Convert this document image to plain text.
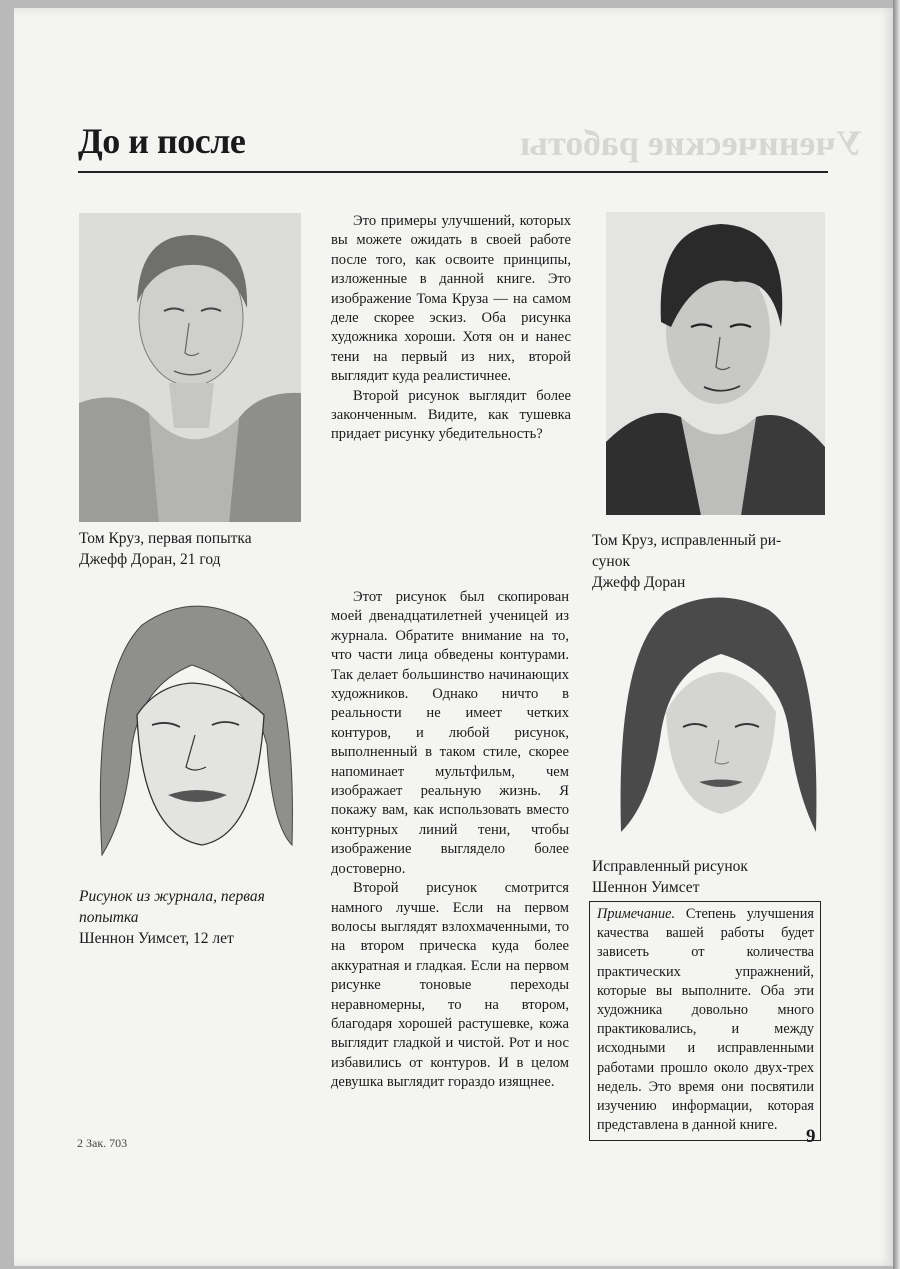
Ученические работы
До и после
Том Круз, первая попытка
Джефф Доран, 21 год

Это примеры улучшений, которых вы можете ожидать в своей работе после того, как освоите принципы, изложенные в данной книге. Это изображение Тома Круза — на самом деле скорее эскиз. Оба рисунка художника хороши. Хотя он и нанес тени на первый из них, второй выглядит куда реалистичнее.

Второй рисунок выглядит более законченным. Видите, как тушевка придает рисунку убедительность?

Том Круз, исправленный ри-
сунок
Джефф Доран
Рисунок из журнала, первая
попытка
Шеннон Уимсет, 12 лет

Этот рисунок был скопирован моей двенадцатилетней ученицей из журнала. Обратите внимание на то, что части лица обведены контурами. Так делает большинство начинающих художников. Однако ничто в реальности не имеет четких контуров, и любой рисунок, выполненный в таком стиле, скорее напоминает мультфильм, чем изображает реальную жизнь. Я покажу вам, как использовать вместо контурных линий тени, чтобы изображение выглядело более достоверно.

Второй рисунок смотрится намного лучше. Если на первом волосы выглядят взлохмаченными, то на втором прическа куда более аккуратная и гладкая. Если на первом рисунке тоновые переходы неравномерны, то на втором, благодаря хорошей растушевке, кожа выглядит гладкой и чистой. Рот и нос избавились от контуров. И в целом девушка выглядит гораздо изящнее.

Исправленный рисунок
Шеннон Уимсет
Примечание. Степень улучшения качества вашей работы будет зависеть от количества практических упражнений, которые вы выполните. Оба эти художника довольно много практиковались, и между исходными и исправленными работами прошло около двух-трех недель. Это время они посвятили изучению информации, которая представлена в данной книге.
2 Зак. 703	9
